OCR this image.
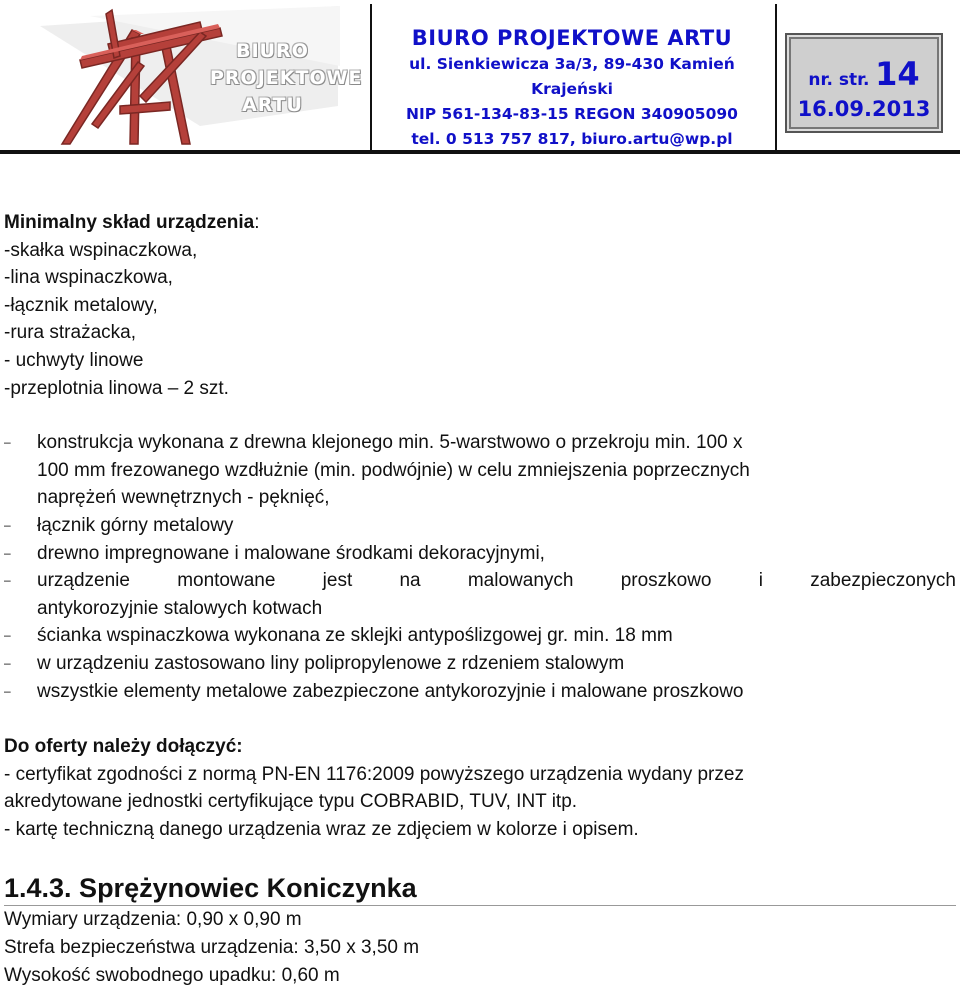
BIURO
PROJEKTOWE
ARTU
BIURO PROJEKTOWE ARTU
ul. Sienkiewicza 3a/3, 89-430 Kamień Krajeński
NIP 561-134-83-15 REGON 340905090
tel. 0 513 757 817, biuro.artu@wp.pl
nr. str. 14
16.09.2013
Minimalny skład urządzenia:
-skałka wspinaczkowa,
-lina wspinaczkowa,
-łącznik metalowy,
-rura strażacka,
- uchwyty linowe
-przeplotnia linowa – 2 szt.
– konstrukcja wykonana z drewna klejonego min. 5-warstwowo o przekroju min. 100 x
100 mm frezowanego wzdłużnie (min. podwójnie) w celu zmniejszenia poprzecznych
naprężeń wewnętrznych - pęknięć,
– łącznik górny metalowy
– drewno impregnowane i malowane środkami dekoracyjnymi,
– urządzenie montowane jest na malowanych proszkowo i zabezpieczonych
antykorozyjnie stalowych kotwach
– ścianka wspinaczkowa wykonana ze sklejki antypoślizgowej gr. min. 18 mm
– w urządzeniu zastosowano liny polipropylenowe z rdzeniem stalowym
– wszystkie elementy metalowe zabezpieczone antykorozyjnie i malowane proszkowo
Do oferty należy dołączyć:
- certyfikat zgodności z normą PN-EN 1176:2009 powyższego urządzenia wydany przez
akredytowane jednostki certyfikujące typu COBRABID, TUV, INT itp.
- kartę techniczną danego urządzenia wraz ze zdjęciem w kolorze i opisem.
1.4.3. Sprężynowiec Koniczynka
Wymiary urządzenia: 0,90 x 0,90 m
Strefa bezpieczeństwa urządzenia: 3,50 x 3,50 m
Wysokość swobodnego upadku: 0,60 m
